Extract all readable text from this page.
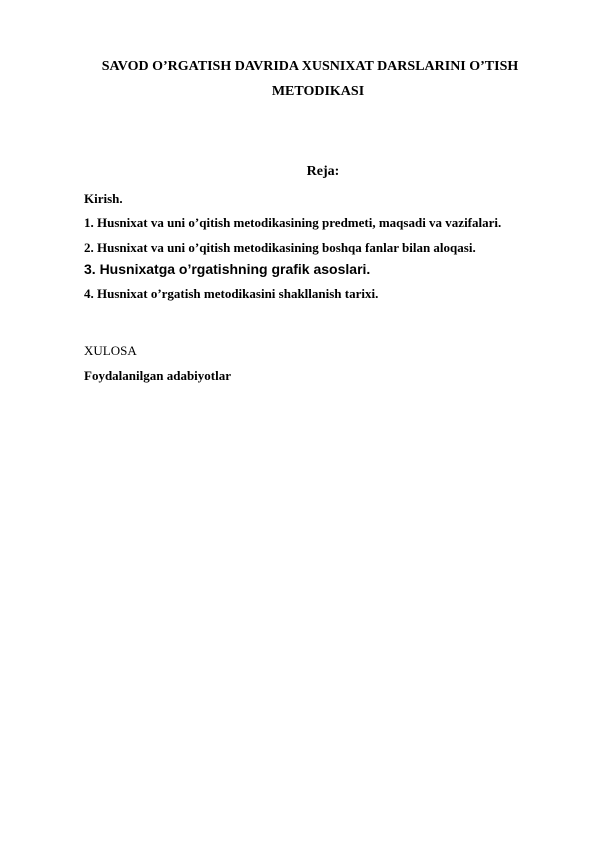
SAVOD O’RGATISH DAVRIDA XUSNIXAT DARSLARINI O’TISH
METODIKASI
Reja:
Kirish.
1. Husnixat va uni o’qitish metodikasining predmeti, maqsadi va vazifalari.
2. Husnixat va uni o’qitish metodikasining boshqa fanlar bilan aloqasi.
3. Husnixatga o’rgatishning grafik asoslari.
4. Husnixat o’rgatish metodikasini shakllanish tarixi.
XULOSA
Foydalanilgan adabiyotlar
